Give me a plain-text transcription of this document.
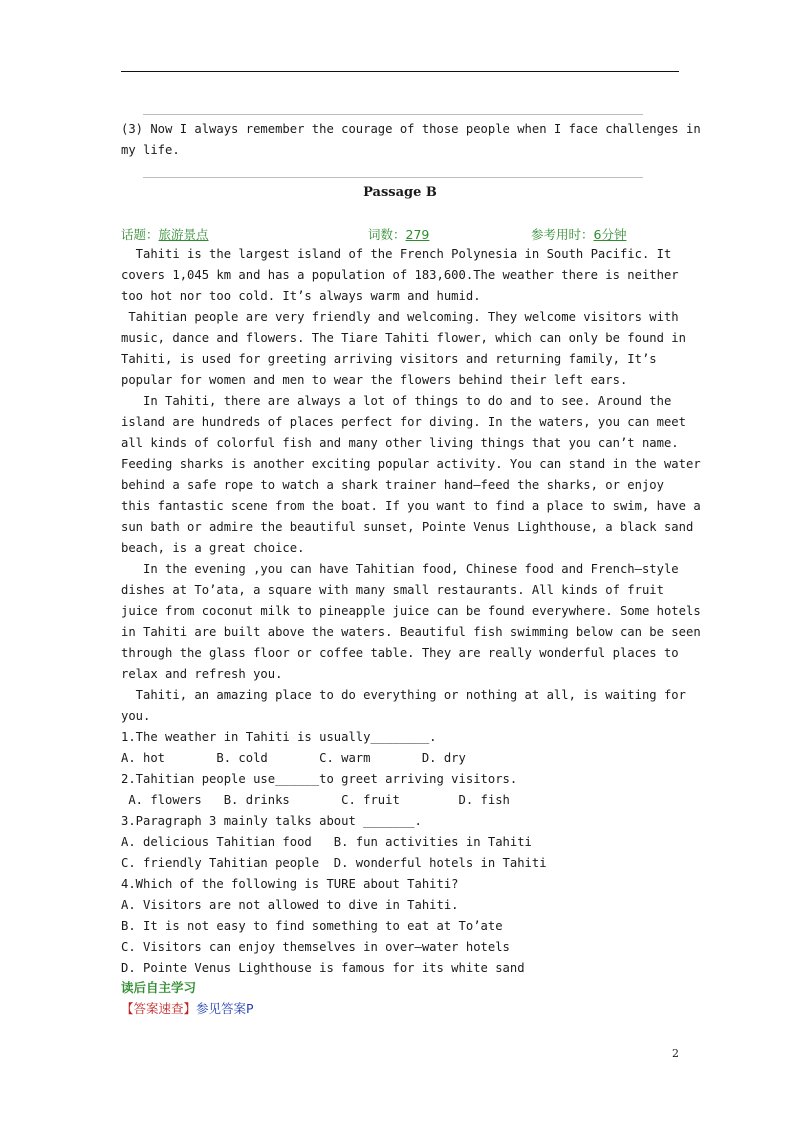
(3) Now I always remember the courage of those people when I face challenges in
my life.
Passage B
话题：旅游景点	词数：279	参考用时：6分钟
Tahiti is the largest island of the French Polynesia in South Pacific. It
covers 1,045 km and has a population of 183,600.The weather there is neither
too hot nor too cold. It’s always warm and humid.
Tahitian people are very friendly and welcoming. They welcome visitors with
music, dance and flowers. The Tiare Tahiti flower, which can only be found in
Tahiti, is used for greeting arriving visitors and returning family, It’s
popular for women and men to wear the flowers behind their left ears.
In Tahiti, there are always a lot of things to do and to see. Around the
island are hundreds of places perfect for diving. In the waters, you can meet
all kinds of colorful fish and many other living things that you can’t name.
Feeding sharks is another exciting popular activity. You can stand in the water
behind a safe rope to watch a shark trainer hand—feed the sharks, or enjoy
this fantastic scene from the boat. If you want to find a place to swim, have a
sun bath or admire the beautiful sunset, Pointe Venus Lighthouse, a black sand
beach, is a great choice.
In the evening ,you can have Tahitian food, Chinese food and French—style
dishes at To’ata, a square with many small restaurants. All kinds of fruit
juice from coconut milk to pineapple juice can be found everywhere. Some hotels
in Tahiti are built above the waters. Beautiful fish swimming below can be seen
through the glass floor or coffee table. They are really wonderful places to
relax and refresh you.
Tahiti, an amazing place to do everything or nothing at all, is waiting for
you.
1.The weather in Tahiti is usually________.
A. hot       B. cold       C. warm       D. dry
2.Tahitian people use______to greet arriving visitors.
A. flowers   B. drinks       C. fruit        D. fish
3.Paragraph 3 mainly talks about _______.
A. delicious Tahitian food   B. fun activities in Tahiti
C. friendly Tahitian people  D. wonderful hotels in Tahiti
4.Which of the following is TURE about Tahiti?
A. Visitors are not allowed to dive in Tahiti.
B. It is not easy to find something to eat at To’ate
C. Visitors can enjoy themselves in over—water hotels
D. Pointe Venus Lighthouse is famous for its white sand
读后自主学习
【答案速查】参见答案P
2
